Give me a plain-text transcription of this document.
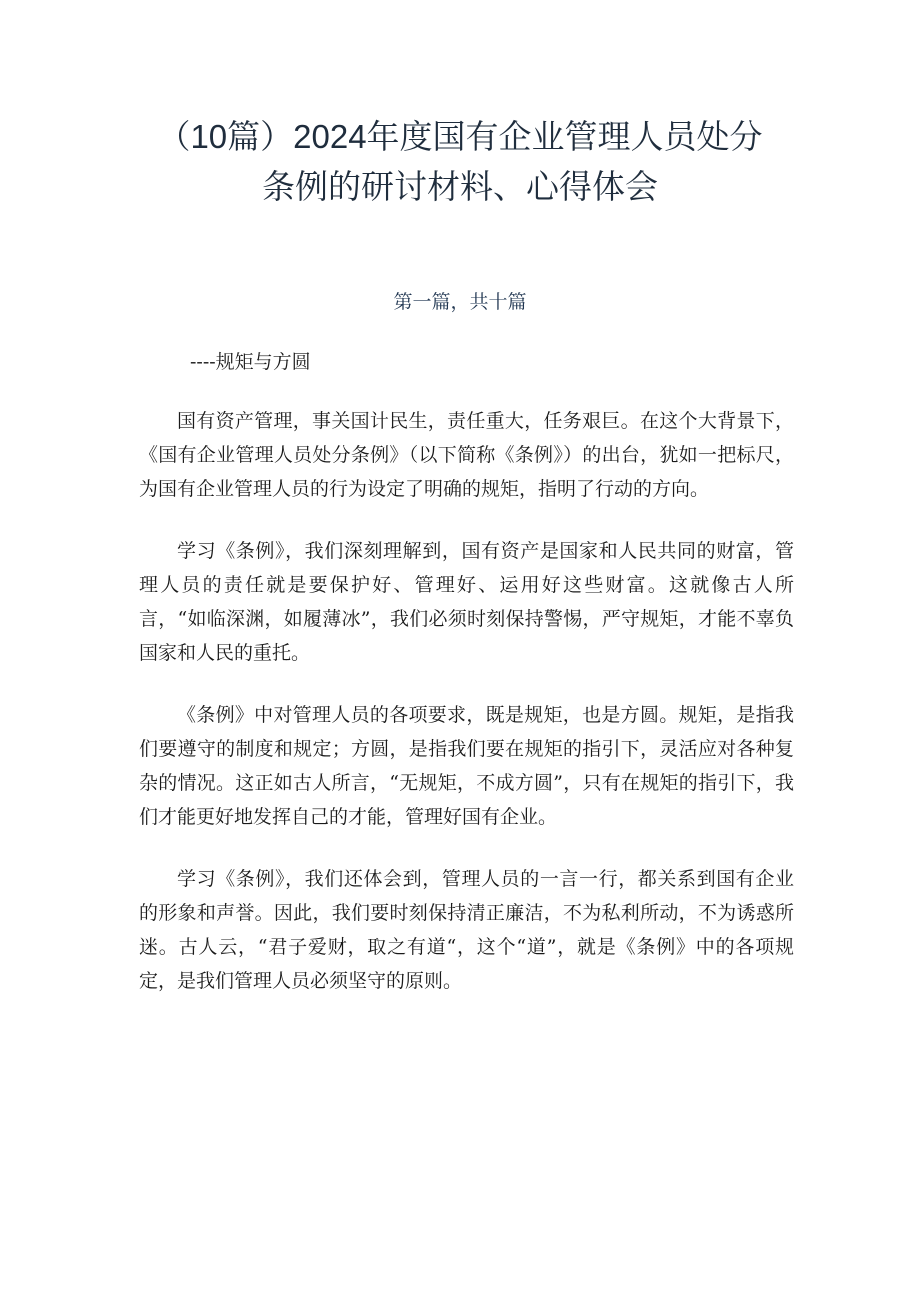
（10篇）2024年度国有企业管理人员处分
条例的研讨材料、心得体会
第一篇，共十篇
----规矩与方圆

国有资产管理，事关国计民生，责任重大，任务艰巨。在这个大背景下，《国有企业管理人员处分条例》（以下简称《条例》）的出台，犹如一把标尺，为国有企业管理人员的行为设定了明确的规矩，指明了行动的方向。

学习《条例》，我们深刻理解到，国有资产是国家和人民共同的财富，管理人员的责任就是要保护好、管理好、运用好这些财富。这就像古人所言，“如临深渊，如履薄冰”，我们必须时刻保持警惕，严守规矩，才能不辜负国家和人民的重托。

《条例》中对管理人员的各项要求，既是规矩，也是方圆。规矩，是指我们要遵守的制度和规定；方圆，是指我们要在规矩的指引下，灵活应对各种复杂的情况。这正如古人所言，“无规矩，不成方圆”，只有在规矩的指引下，我们才能更好地发挥自己的才能，管理好国有企业。

学习《条例》，我们还体会到，管理人员的一言一行，都关系到国有企业的形象和声誉。因此，我们要时刻保持清正廉洁，不为私利所动，不为诱惑所迷。古人云，“君子爱财，取之有道“，这个“道”，就是《条例》中的各项规定，是我们管理人员必须坚守的原则。
